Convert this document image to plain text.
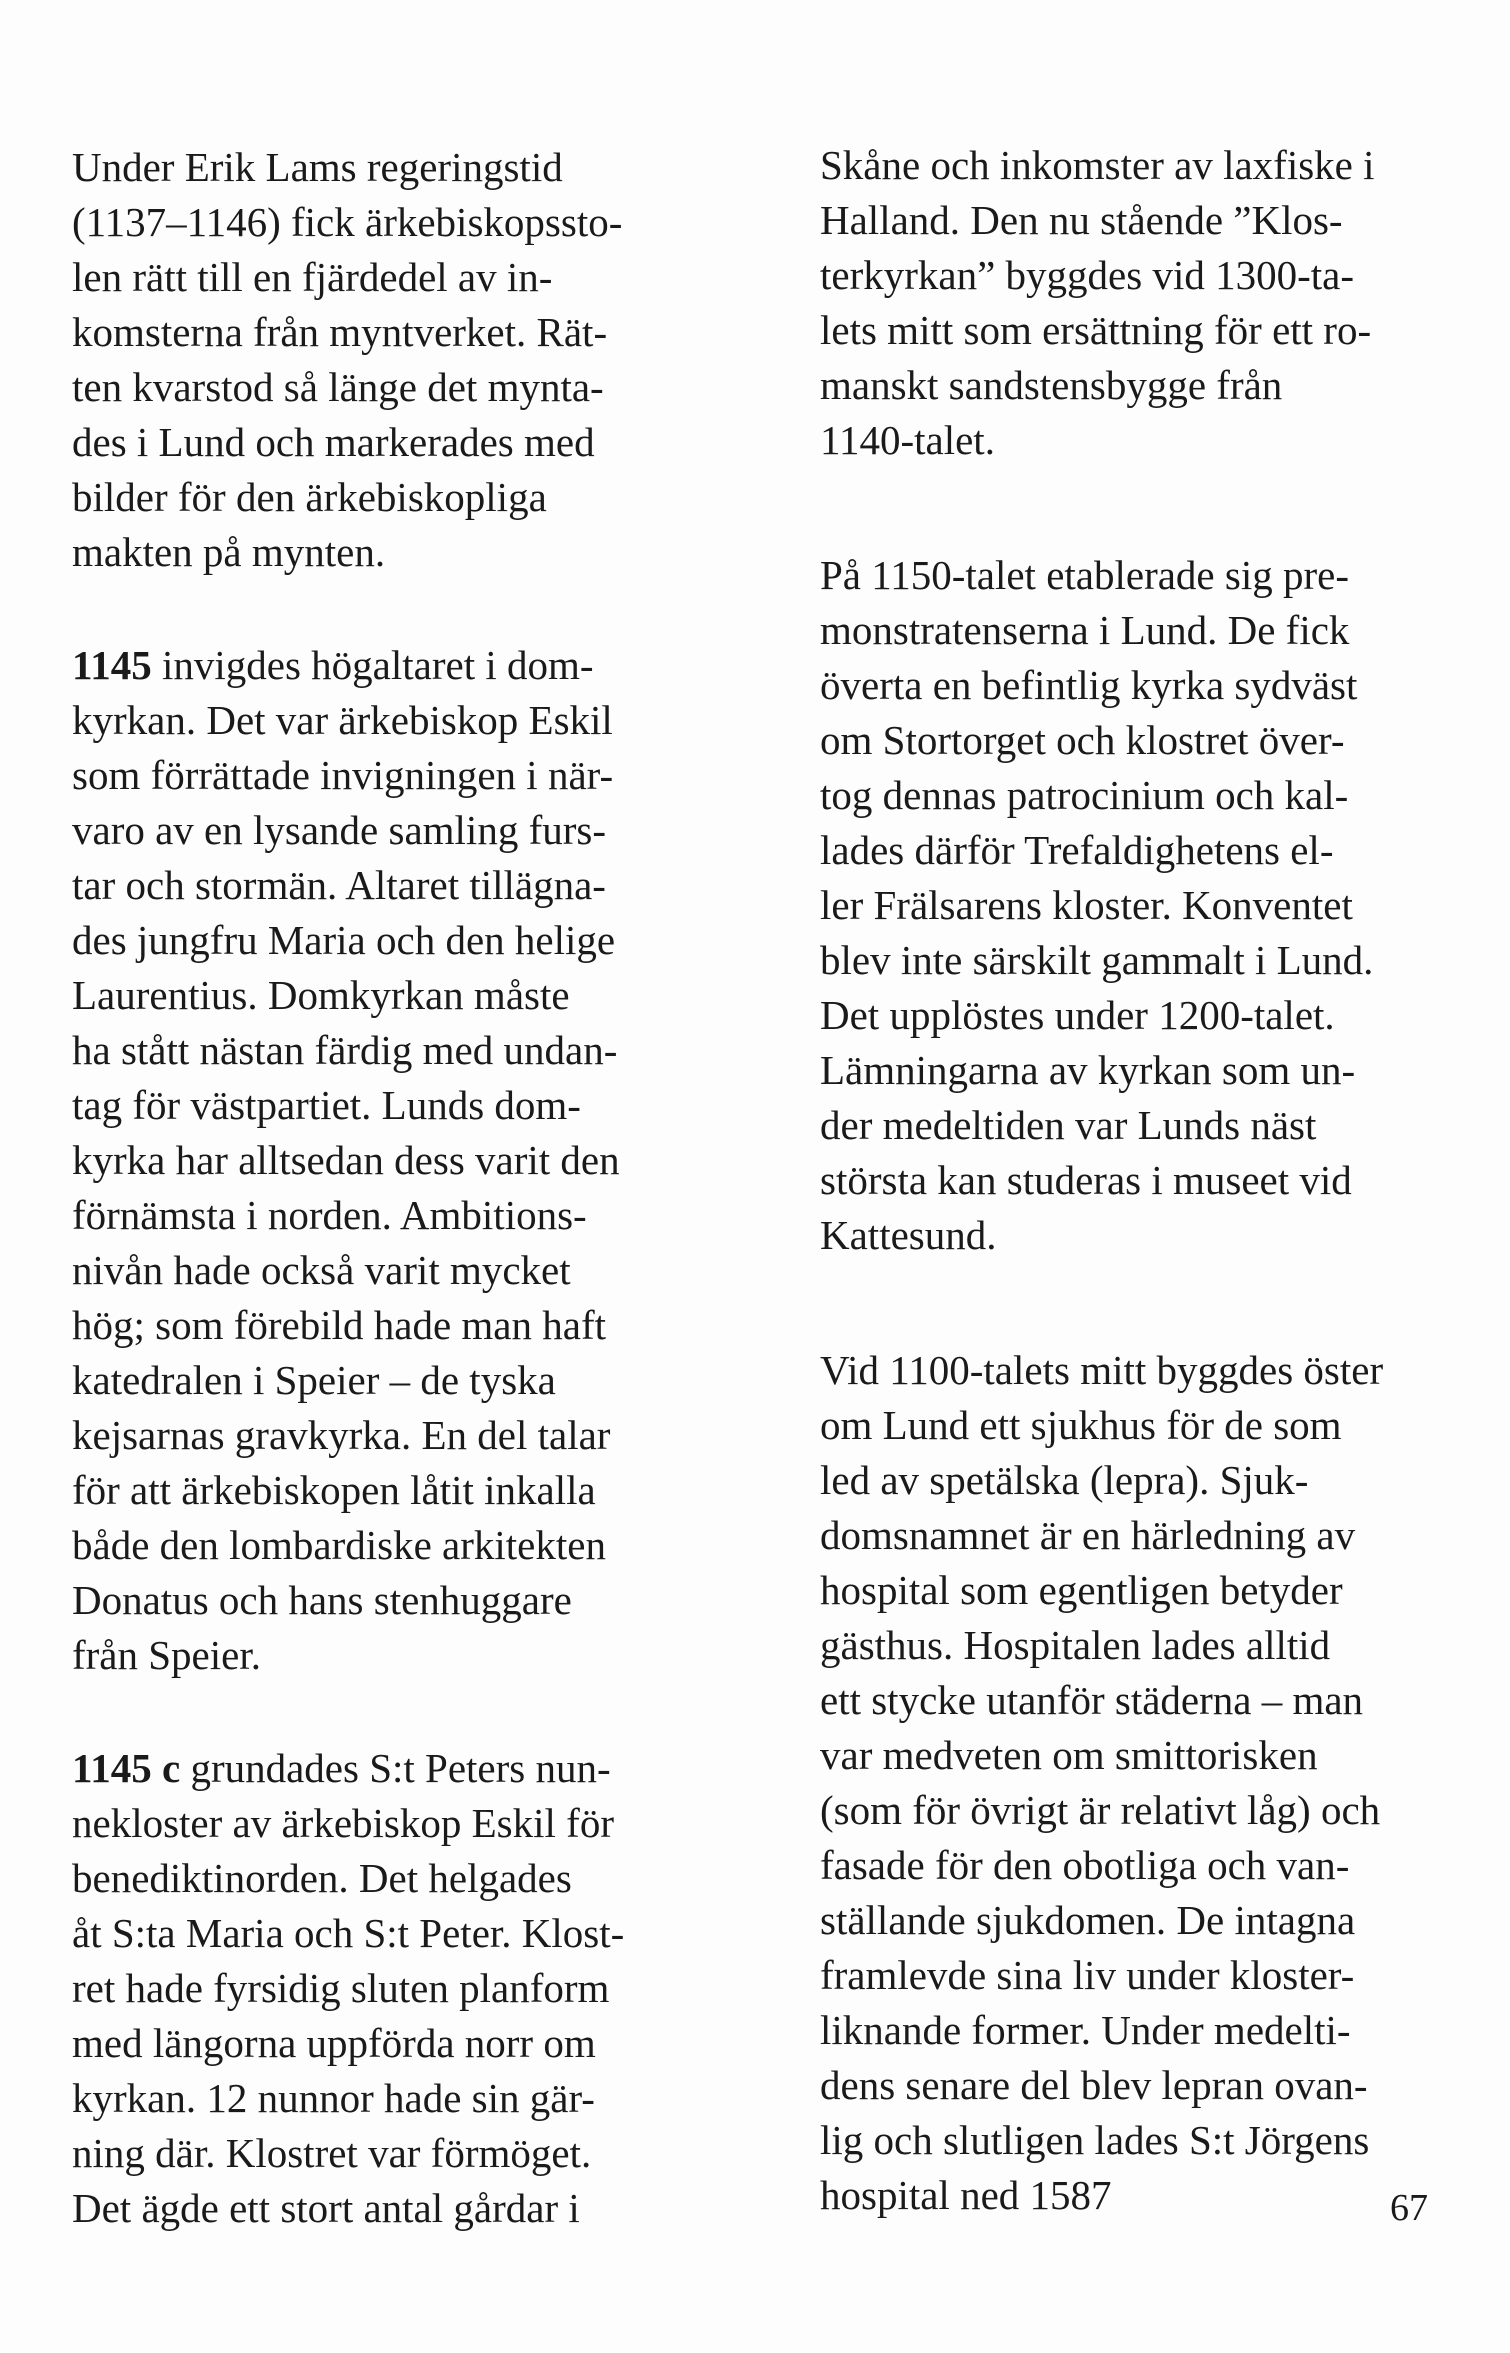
Under Erik Lams regeringstid
(1137–1146) fick ärkebiskopssto-
len rätt till en fjärdedel av in-
komsterna från myntverket. Rät-
ten kvarstod så länge det mynta-
des i Lund och markerades med
bilder för den ärkebiskopliga
makten på mynten.

1145 invigdes högaltaret i dom-
kyrkan. Det var ärkebiskop Eskil
som förrättade invigningen i när-
varo av en lysande samling furs-
tar och stormän. Altaret tillägna-
des jungfru Maria och den helige
Laurentius. Domkyrkan måste
ha stått nästan färdig med undan-
tag för västpartiet. Lunds dom-
kyrka har alltsedan dess varit den
förnämsta i norden. Ambitions-
nivån hade också varit mycket
hög; som förebild hade man haft
katedralen i Speier – de tyska
kejsarnas gravkyrka. En del talar
för att ärkebiskopen låtit inkalla
både den lombardiske arkitekten
Donatus och hans stenhuggare
från Speier.

1145 c grundades S:t Peters nun-
nekloster av ärkebiskop Eskil för
benediktinorden. Det helgades
åt S:ta Maria och S:t Peter. Klost-
ret hade fyrsidig sluten planform
med längorna uppförda norr om
kyrkan. 12 nunnor hade sin gär-
ning där. Klostret var förmöget.
Det ägde ett stort antal gårdar i

Skåne och inkomster av laxfiske i
Halland. Den nu stående ”Klos-
terkyrkan” byggdes vid 1300-ta-
lets mitt som ersättning för ett ro-
manskt sandstensbygge från
1140-talet.

På 1150-talet etablerade sig pre-
monstratenserna i Lund. De fick
överta en befintlig kyrka sydväst
om Stortorget och klostret över-
tog dennas patrocinium och kal-
lades därför Trefaldighetens el-
ler Frälsarens kloster. Konventet
blev inte särskilt gammalt i Lund.
Det upplöstes under 1200-talet.
Lämningarna av kyrkan som un-
der medeltiden var Lunds näst
största kan studeras i museet vid
Kattesund.

Vid 1100-talets mitt byggdes öster
om Lund ett sjukhus för de som
led av spetälska (lepra). Sjuk-
domsnamnet är en härledning av
hospital som egentligen betyder
gästhus. Hospitalen lades alltid
ett stycke utanför städerna – man
var medveten om smittorisken
(som för övrigt är relativt låg) och
fasade för den obotliga och van-
ställande sjukdomen. De intagna
framlevde sina liv under kloster-
liknande former. Under medelti-
dens senare del blev lepran ovan-
lig och slutligen lades S:t Jörgens
hospital ned 1587	67
